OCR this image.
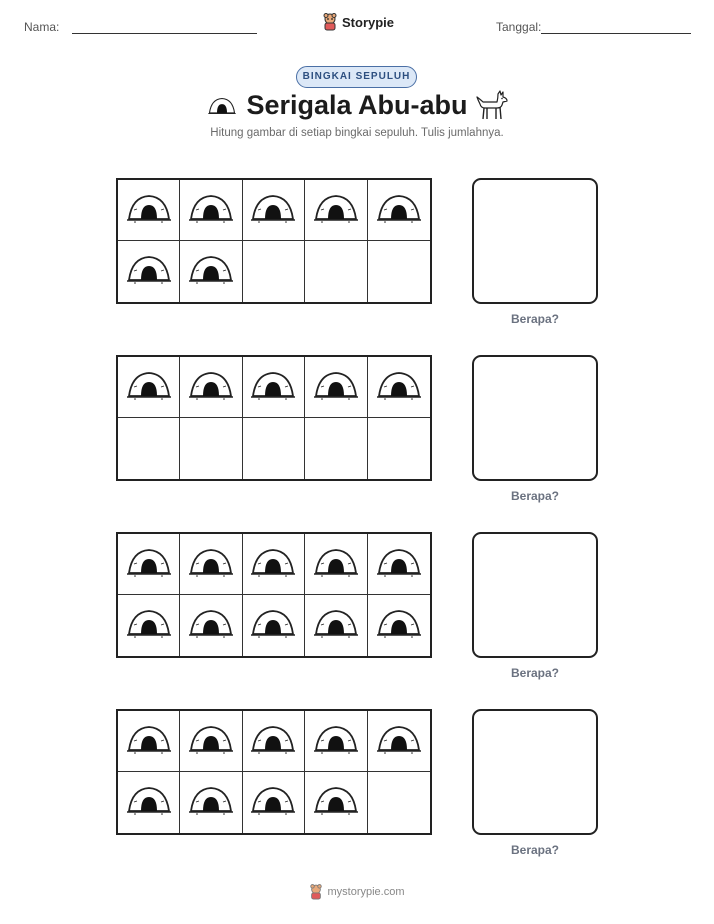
Nama:	Storypie	Tanggal:
BINGKAI SEPULUH
Serigala Abu-abu
Hitung gambar di setiap bingkai sepuluh. Tulis jumlahnya.
Berapa?
Berapa?
Berapa?
Berapa?
mystorypie.com
